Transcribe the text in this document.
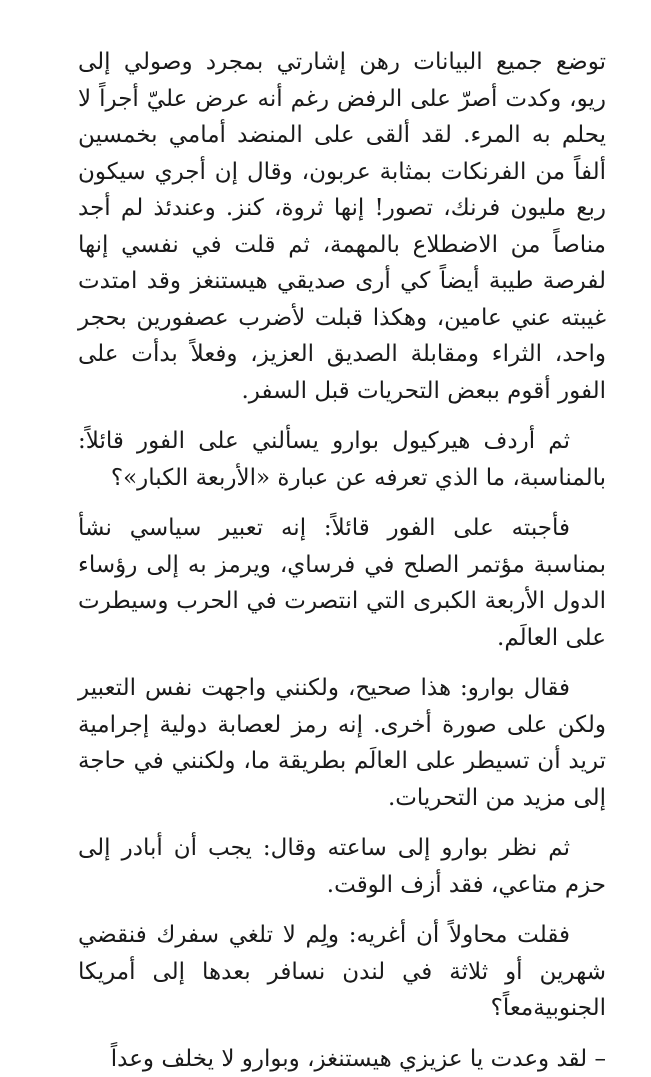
توضع جميع البيانات رهن إشارتي بمجرد وصولي إلى ريو، وكدت أصرّ على الرفض رغم أنه عرض عليّ أجراً لا يحلم به المرء. لقد ألقى على المنضد أمامي بخمسين ألفاً من الفرنكات بمثابة عربون، وقال إن أجري سيكون ربع مليون فرنك، تصور! إنها ثروة، كنز. وعندئذ لم أجد مناصاً من الاضطلاع بالمهمة، ثم قلت في نفسي إنها لفرصة طيبة أيضاً كي أرى صديقي هيستنغز وقد امتدت غيبته عني عامين، وهكذا قبلت لأضرب عصفورين بحجر واحد، الثراء ومقابلة الصديق العزيز، وفعلاً بدأت على الفور أقوم ببعض التحريات قبل السفر.

ثم أردف هيركيول بوارو يسألني على الفور قائلاً: بالمناسبة، ما الذي تعرفه عن عبارة «الأربعة الكبار»؟

فأجبته على الفور قائلاً: إنه تعبير سياسي نشأ بمناسبة مؤتمر الصلح في فرساي، ويرمز به إلى رؤساء الدول الأربعة الكبرى التي انتصرت في الحرب وسيطرت على العالَم.

فقال بوارو: هذا صحيح، ولكنني واجهت نفس التعبير ولكن على صورة أخرى. إنه رمز لعصابة دولية إجرامية تريد أن تسيطر على العالَم بطريقة ما، ولكنني في حاجة إلى مزيد من التحريات.

ثم نظر بوارو إلى ساعته وقال: يجب أن أبادر إلى حزم متاعي، فقد أزف الوقت.

فقلت محاولاً أن أغريه: ولِم لا تلغي سفرك فنقضي شهرين أو ثلاثة في لندن نسافر بعدها إلى أمريكا الجنوبيةمعاً؟

– لقد وعدت يا عزيزي هيستنغز، وبوارو لا يخلف وعداً
